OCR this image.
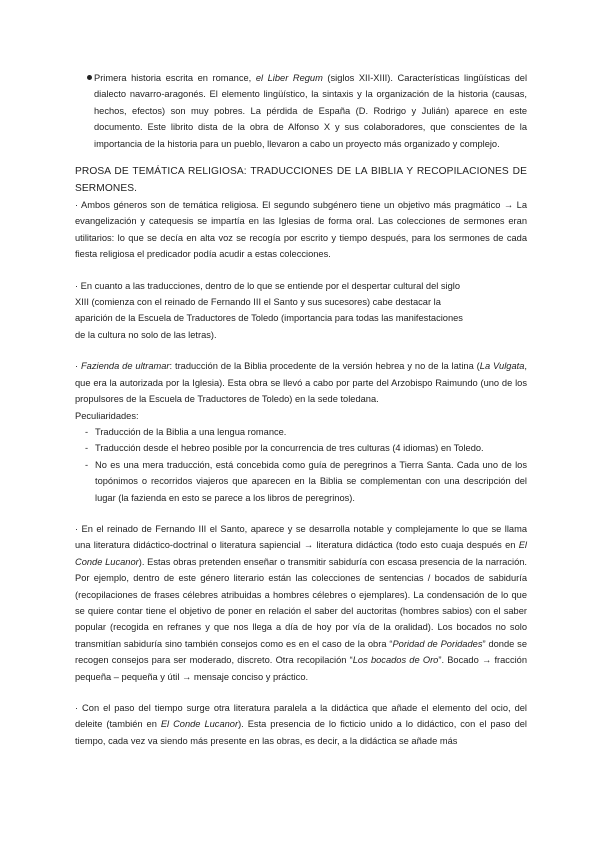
Primera historia escrita en romance, el Liber Regum (siglos XII-XIII). Características lingüísticas del dialecto navarro-aragonés. El elemento lingüístico, la sintaxis y la organización de la historia (causas, hechos, efectos) son muy pobres. La pérdida de España (D. Rodrigo y Julián) aparece en este documento. Este librito dista de la obra de Alfonso X y sus colaboradores, que conscientes de la importancia de la historia para un pueblo, llevaron a cabo un proyecto más organizado y complejo.

PROSA DE TEMÁTICA RELIGIOSA: TRADUCCIONES DE LA BIBLIA Y RECOPILACIONES DE SERMONES.

· Ambos géneros son de temática religiosa. El segundo subgénero tiene un objetivo más pragmático → La evangelización y catequesis se impartía en las Iglesias de forma oral. Las colecciones de sermones eran utilitarios: lo que se decía en alta voz se recogía por escrito y tiempo después, para los sermones de cada fiesta religiosa el predicador podía acudir a estas colecciones.

· En cuanto a las traducciones, dentro de lo que se entiende por el despertar cultural del siglo

XIII (comienza con el reinado de Fernando III el Santo y sus sucesores) cabe destacar la

aparición de la Escuela de Traductores de Toledo (importancia para todas las manifestaciones

de la cultura no solo de las letras).

· Fazienda de ultramar: traducción de la Biblia procedente de la versión hebrea y no de la latina (La Vulgata, que era la autorizada por la Iglesia). Esta obra se llevó a cabo por parte del Arzobispo Raimundo (uno de los propulsores de la Escuela de Traductores de Toledo) en la sede toledana.

Peculiaridades:

- Traducción de la Biblia a una lengua romance.
- Traducción desde el hebreo posible por la concurrencia de tres culturas (4 idiomas) en Toledo.
- No es una mera traducción, está concebida como guía de peregrinos a Tierra Santa. Cada uno de los topónimos o recorridos viajeros que aparecen en la Biblia se complementan con una descripción del lugar (la fazienda en esto se parece a los libros de peregrinos).

· En el reinado de Fernando III el Santo, aparece y se desarrolla notable y complejamente lo que se llama una literatura didáctico-doctrinal o literatura sapiencial → literatura didáctica (todo esto cuaja después en El Conde Lucanor). Estas obras pretenden enseñar o transmitir sabiduría con escasa presencia de la narración. Por ejemplo, dentro de este género literario están las colecciones de sentencias / bocados de sabiduría (recopilaciones de frases célebres atribuidas a hombres célebres o ejemplares). La condensación de lo que se quiere contar tiene el objetivo de poner en relación el saber del auctoritas (hombres sabios) con el saber popular (recogida en refranes y que nos llega a día de hoy por vía de la oralidad). Los bocados no solo transmitían sabiduría sino también consejos como es en el caso de la obra “Poridad de Poridades” donde se recogen consejos para ser moderado, discreto. Otra recopilación “Los bocados de Oro”. Bocado → fracción pequeña – pequeña y útil → mensaje conciso y práctico.

· Con el paso del tiempo surge otra literatura paralela a la didáctica que añade el elemento del ocio, del deleite (también en El Conde Lucanor). Esta presencia de lo ficticio unido a lo didáctico, con el paso del tiempo, cada vez va siendo más presente en las obras, es decir, a la didáctica se añade más
